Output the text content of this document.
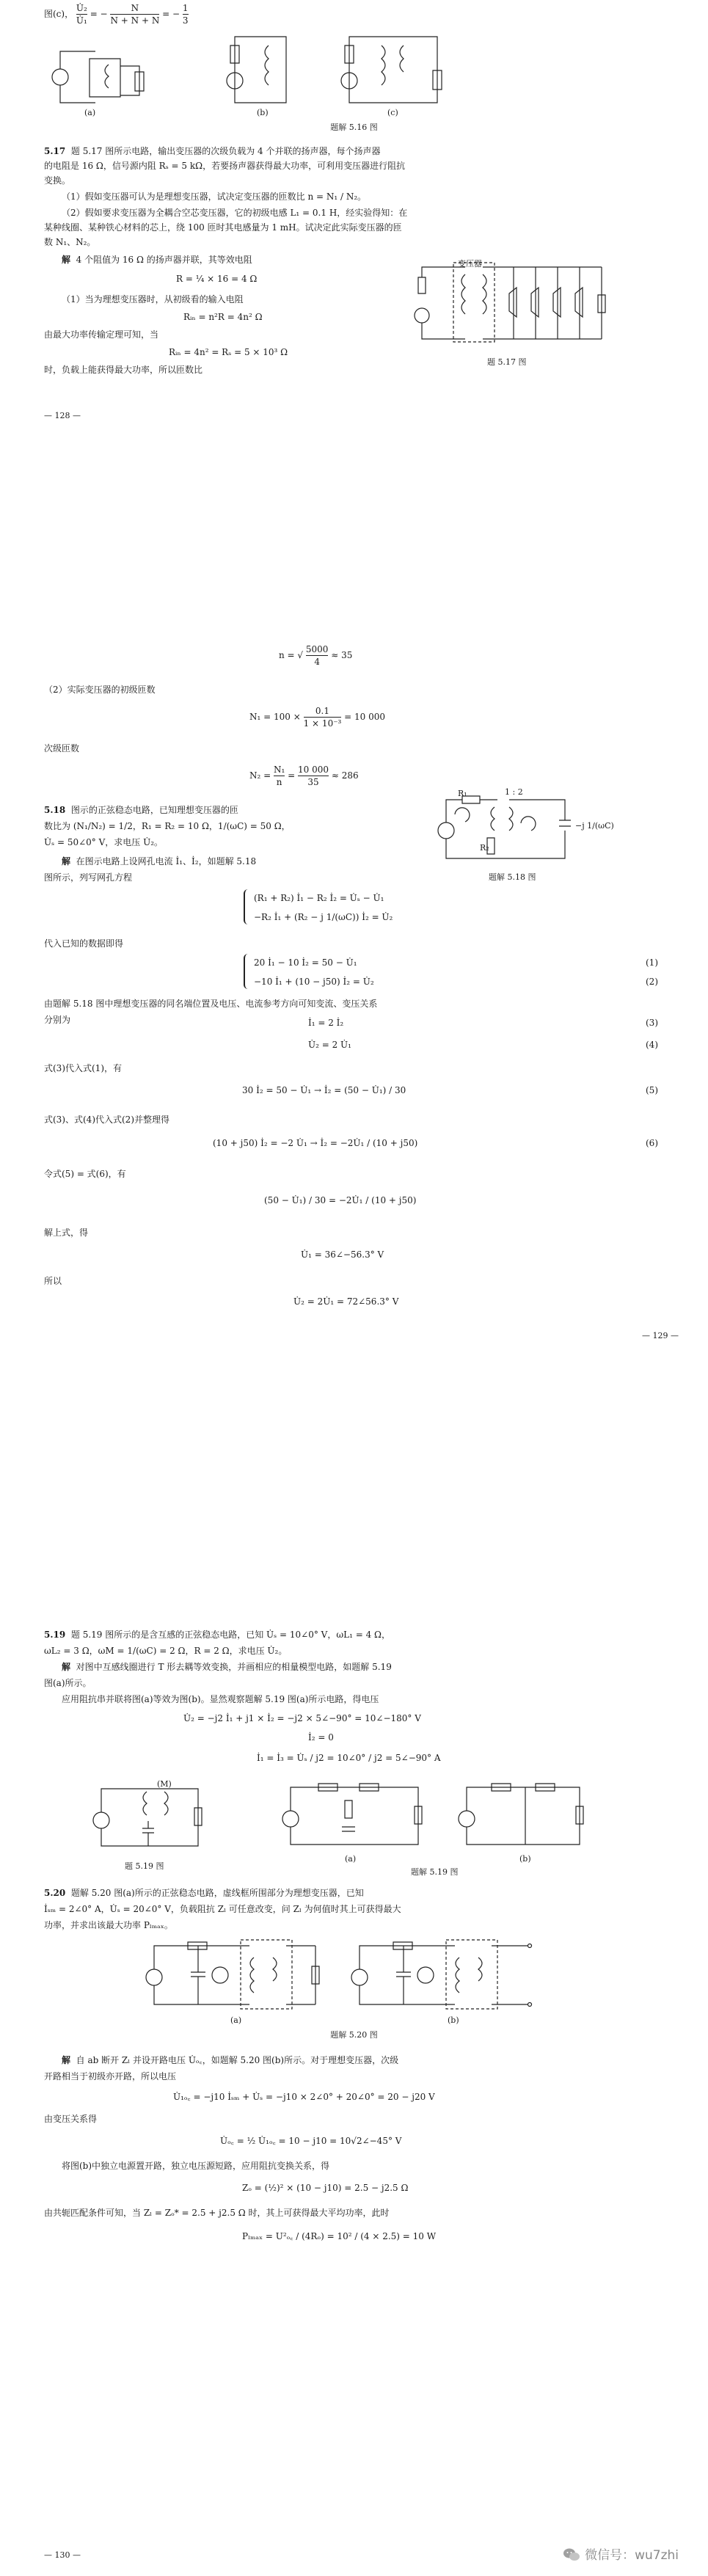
图(c)， $\frac{\text{U̇₂}}{\text{U̇₁}}$ = − $\frac{N}{N + N + N}$ = − $\frac{1}{3}$
(a)	(b)	(c)
题解 5.16 图
5.17 题 5.17 图所示电路，输出变压器的次级负载为 4 个并联的扬声器，每个扬声器
的电阻是 16 Ω，信号源内阻 Rₛ = 5 kΩ，若要扬声器获得最大功率，可利用变压器进行阻抗
变换。
（1）假如变压器可认为是理想变压器，试决定变压器的匝数比 n = N₁ / N₂。
（2）假如要求变压器为全耦合空芯变压器，它的初级电感 L₁ = 0.1 H，经实验得知：在
某种线圈、某种铁心材料的芯上，绕 100 匝时其电感量为 1 mH。试决定此实际变压器的匝
数 N₁、N₂。
解 4 个阻值为 16 Ω 的扬声器并联，其等效电阻
R = ¼ × 16 = 4 Ω
（1）当为理想变压器时，从初级看的输入电阻
Rᵢₙ = n²R = 4n² Ω
由最大功率传输定理可知，当
Rᵢₙ = 4n² = Rₛ = 5 × 10³ Ω
时，负载上能获得最大功率，所以匝数比
变压器
题 5.17 图
— 128 —
n = √ $\frac{5000}{4} \approx 35$
（2）实际变压器的初级匝数
$N_1 = 100 \times \frac{0.1}{\text{1 × 10⁻³}} = 10$ 000
次级匝数
$N_2 = \frac{\text{N₁}}{n} = \frac{10 000}{35} \approx 286$
5.18 图示的正弦稳态电路，已知理想变压器的匝
数比为 (N₁/N₂) = 1/2，R₁ = R₂ = 10 Ω，1/(ωC) = 50 Ω，
U̇ₛ = 50∠0° V，求电压 U̇₂。
1 : 2
R₁
R₂
−j 1/(ωC)
题解 5.18 图
解 在图示电路上设网孔电流 İ₁、İ₂，如题解 5.18
图所示，列写网孔方程
(R₁ + R₂) İ₁ − R₂ İ₂ = U̇ₛ − U̇₁
−R₂ İ₁ + (R₂ − j 1/(ωC)) İ₂ = U̇₂
代入已知的数据即得
20 İ₁ − 10 İ₂ = 50 − U̇₁	(1)
−10 İ₁ + (10 − j50) İ₂ = U̇₂	(2)
由题解 5.18 图中理想变压器的同名端位置及电压、电流参考方向可知变流、变压关系
分别为	İ₁ = 2 İ₂	(3)
U̇₂ = 2 U̇₁	(4)
式(3)代入式(1)，有
30 İ₂ = 50 − U̇₁ → İ₂ = (50 − U̇₁) / 30	(5)
式(3)、式(4)代入式(2)并整理得
(10 + j50) İ₂ = −2 U̇₁ → İ₂ = −2U̇₁ / (10 + j50)	(6)
令式(5) = 式(6)，有
(50 − U̇₁) / 30 = −2U̇₁ / (10 + j50)
解上式，得
U̇₁ = 36∠−56.3° V
所以
U̇₂ = 2U̇₁ = 72∠56.3° V
— 129 —
5.19 题 5.19 图所示的是含互感的正弦稳态电路，已知 U̇ₛ = 10∠0° V，ωL₁ = 4 Ω，
ωL₂ = 3 Ω，ωM = 1/(ωC) = 2 Ω，R = 2 Ω，求电压 U̇₂。
解 对图中互感线圈进行 T 形去耦等效变换，并画相应的相量模型电路，如题解 5.19
图(a)所示。
应用阻抗串并联将图(a)等效为图(b)。显然观察题解 5.19 图(a)所示电路，得电压
U̇₂ = −j2 İ₁ + j1 × İ₂ = −j2 × 5∠−90° = 10∠−180° V
İ₂ = 0
İ₁ = İ₃ = U̇ₛ / j2 = 10∠0° / j2 = 5∠−90° A
(M)
题 5.19 图
(a)	(b)
题解 5.19 图
5.20 题解 5.20 图(a)所示的正弦稳态电路，虚线框所围部分为理想变压器，已知
İₛₘ = 2∠0° A，U̇ₛ = 20∠0° V，负载阻抗 Zₗ 可任意改变，问 Zₗ 为何值时其上可获得最大
功率，并求出该最大功率 Pₗₘₐₓ。
(a)	(b)
题解 5.20 图
解 自 ab 断开 Zₗ 并设开路电压 U̇ₒ꜀，如题解 5.20 图(b)所示。对于理想变压器，次级
开路相当于初级亦开路，所以电压
U̇₁ₒ꜀ = −j10 İₛₘ + U̇ₛ = −j10 × 2∠0° + 20∠0° = 20 − j20 V
由变压关系得
U̇ₒ꜀ = ½ U̇₁ₒ꜀ = 10 − j10 = 10√2∠−45° V
将图(b)中独立电源置开路，独立电压源短路，应用阻抗变换关系，得
Zₒ = (½)² × (10 − j10) = 2.5 − j2.5 Ω
由共轭匹配条件可知，当 Zₗ = Zₒ* = 2.5 + j2.5 Ω 时，其上可获得最大平均功率，此时
Pₗₘₐₓ = U²ₒ꜀ / (4Rₒ) = 10² / (4 × 2.5) = 10 W
— 130 —	微信号：wu7zhi
